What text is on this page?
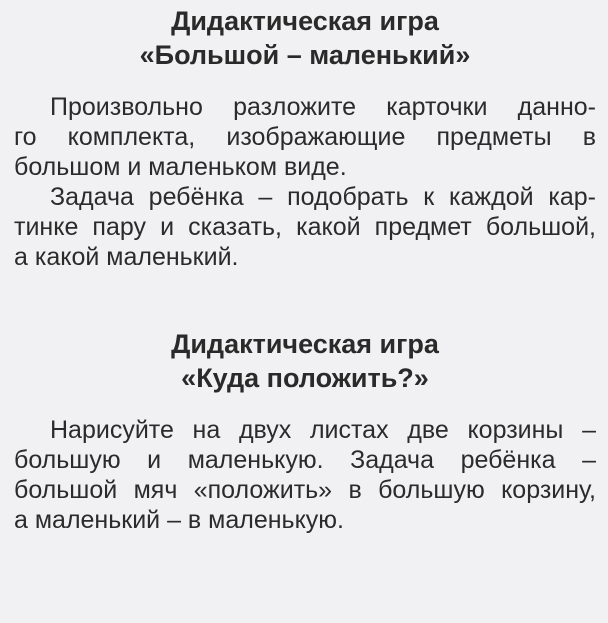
Дидактическая игра
«Большой – маленький»
Произвольно разложите карточки данно-
го комплекта, изображающие предметы в
большом и маленьком виде.
Задача ребёнка – подобрать к каждой кар-
тинке пару и сказать, какой предмет большой,
а какой маленький.
Дидактическая игра
«Куда положить?»
Нарисуйте на двух листах две корзины –
большую и маленькую. Задача ребёнка –
большой мяч «положить» в большую корзину,
а маленький – в маленькую.
